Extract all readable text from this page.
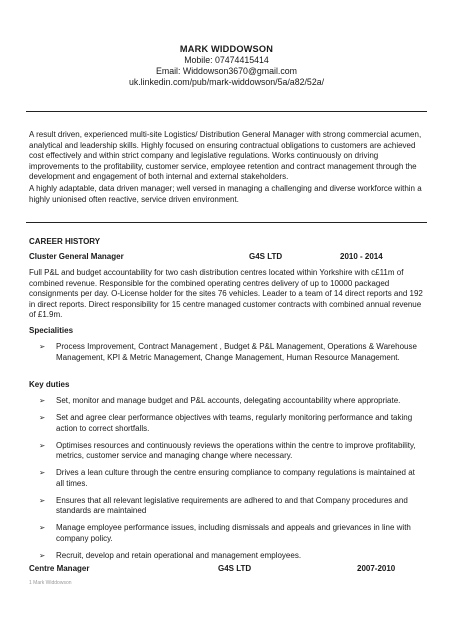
MARK WIDDOWSON
Mobile: 07474415414
Email: Widdowson3670@gmail.com
uk.linkedin.com/pub/mark-widdowson/5a/a82/52a/
A result driven, experienced multi-site Logistics/ Distribution General Manager with strong commercial acumen, analytical and leadership skills. Highly focused on ensuring contractual obligations to customers are achieved cost effectively and within strict company and legislative regulations. Works continuously on driving improvements to the profitability, customer service, employee retention and contract management through the development and engagement of both internal and external stakeholders.
A highly adaptable, data driven manager; well versed in managing a challenging and diverse workforce within a highly unionised often reactive, service driven environment.
CAREER HISTORY
Cluster General Manager	G4S LTD	2010 - 2014
Full P&L and budget accountability for two cash distribution centres located within Yorkshire with c£11m of combined revenue. Responsible for the combined operating centres delivery of up to 10000 packaged consignments per day. O-License holder for the sites 76 vehicles. Leader to a team of 14 direct reports and 192 in direct reports. Direct responsibility for 15 centre managed customer contracts with combined annual revenue of £1.9m.
Specialities
➢ Process Improvement, Contract Management , Budget & P&L Management, Operations & Warehouse Management, KPI & Metric Management, Change Management, Human Resource Management.
Key duties
➢ Set, monitor and manage budget and P&L accounts, delegating accountability where appropriate.
➢ Set and agree clear performance objectives with teams, regularly monitoring performance and taking action to correct shortfalls.
➢ Optimises resources and continuously reviews the operations within the centre to improve profitability, metrics, customer service and managing change where necessary.
➢ Drives a lean culture through the centre ensuring compliance to company regulations is maintained at all times.
➢ Ensures that all relevant legislative requirements are adhered to and that Company procedures and standards are maintained
➢ Manage employee performance issues, including dismissals and appeals and grievances in line with company policy.
➢ Recruit, develop and retain operational and management employees.
Centre Manager	G4S LTD	2007-2010
1 Mark Widdowson
